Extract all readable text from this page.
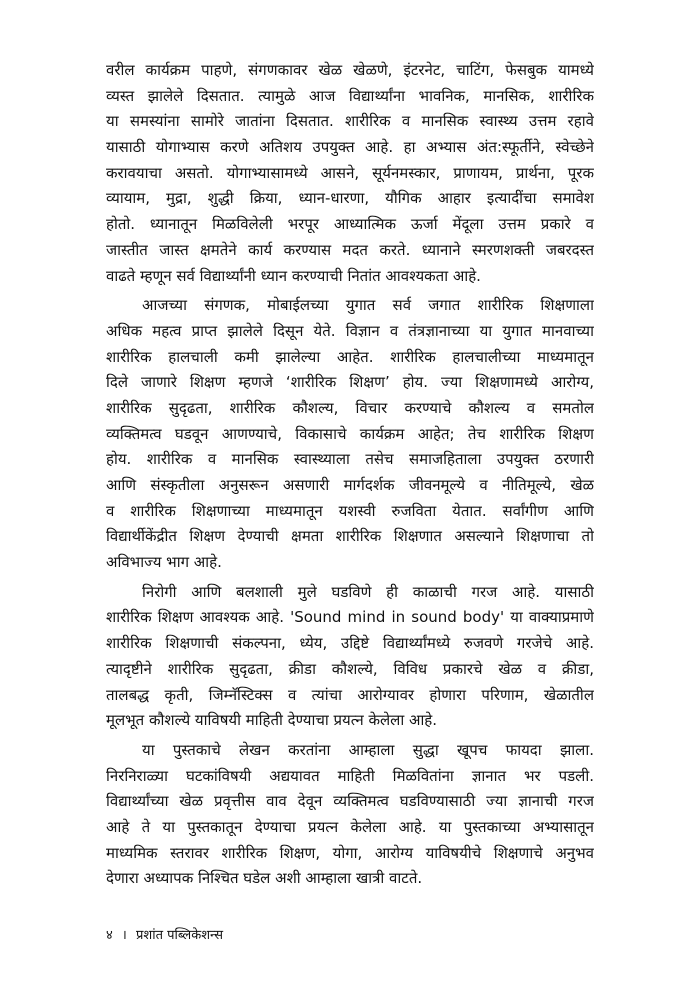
वरील कार्यक्रम पाहणे, संगणकावर खेळ खेळणे, इंटरनेट, चाटिंग, फेसबुक यामध्ये
व्यस्त झालेले दिसतात. त्यामुळे आज विद्यार्थ्यांना भावनिक, मानसिक, शारीरिक
या समस्यांना सामोरे जातांना दिसतात. शारीरिक व मानसिक स्वास्थ्य उत्तम रहावे
यासाठी योगाभ्यास करणे अतिशय उपयुक्त आहे. हा अभ्यास अंत:स्फूर्तीने, स्वेच्छेने
करावयाचा असतो. योगाभ्यासामध्ये आसने, सूर्यनमस्कार, प्राणायम, प्रार्थना, पूरक
व्यायाम, मुद्रा, शुद्धी क्रिया, ध्यान-धारणा, यौगिक आहार इत्यादींचा समावेश
होतो. ध्यानातून मिळविलेली भरपूर आध्यात्मिक ऊर्जा मेंदूला उत्तम प्रकारे व
जास्तीत जास्त क्षमतेने कार्य करण्यास मदत करते. ध्यानाने स्मरणशक्ती जबरदस्त
वाढते म्हणून सर्व विद्यार्थ्यांनी ध्यान करण्याची नितांत आवश्यकता आहे.
आजच्या संगणक, मोबाईलच्या युगात सर्व जगात शारीरिक शिक्षणाला
अधिक महत्व प्राप्त झालेले दिसून येते. विज्ञान व तंत्रज्ञानाच्या या युगात मानवाच्या
शारीरिक हालचाली कमी झालेल्या आहेत. शारीरिक हालचालीच्या माध्यमातून
दिले जाणारे शिक्षण म्हणजे ‘शारीरिक शिक्षण’ होय. ज्या शिक्षणामध्ये आरोग्य,
शारीरिक सुदृढता, शारीरिक कौशल्य, विचार करण्याचे कौशल्य व समतोल
व्यक्तिमत्व घडवून आणण्याचे, विकासाचे कार्यक्रम आहेत; तेच शारीरिक शिक्षण
होय. शारीरिक व मानसिक स्वास्थ्याला तसेच समाजहिताला उपयुक्त ठरणारी
आणि संस्कृतीला अनुसरून असणारी मार्गदर्शक जीवनमूल्ये व नीतिमूल्ये, खेळ
व शारीरिक शिक्षणाच्या माध्यमातून यशस्वी रुजविता येतात. सर्वांगीण आणि
विद्यार्थीकेंद्रीत शिक्षण देण्याची क्षमता शारीरिक शिक्षणात असल्याने शिक्षणाचा तो
अविभाज्य भाग आहे.
निरोगी आणि बलशाली मुले घडविणे ही काळाची गरज आहे. यासाठी
शारीरिक शिक्षण आवश्यक आहे. 'Sound mind in sound body' या वाक्याप्रमाणे
शारीरिक शिक्षणाची संकल्पना, ध्येय, उद्दिष्टे विद्यार्थ्यांमध्ये रुजवणे गरजेचे आहे.
त्यादृष्टीने शारीरिक सुदृढता, क्रीडा कौशल्ये, विविध प्रकारचे खेळ व क्रीडा,
तालबद्ध कृती, जिम्नॅस्टिक्स व त्यांचा आरोग्यावर होणारा परिणाम, खेळातील
मूलभूत कौशल्ये याविषयी माहिती देण्याचा प्रयत्न केलेला आहे.
या पुस्तकाचे लेखन करतांना आम्हाला सुद्धा खूपच फायदा झाला.
निरनिराळ्या घटकांविषयी अद्ययावत माहिती मिळवितांना ज्ञानात भर पडली.
विद्यार्थ्यांच्या खेळ प्रवृत्तीस वाव देवून व्यक्तिमत्व घडविण्यासाठी ज्या ज्ञानाची गरज
आहे ते या पुस्तकातून देण्याचा प्रयत्न केलेला आहे. या पुस्तकाच्या अभ्यासातून
माध्यमिक स्तरावर शारीरिक शिक्षण, योगा, आरोग्य याविषयीचे शिक्षणाचे अनुभव
देणारा अध्यापक निश्चित घडेल अशी आम्हाला खात्री वाटते.
४ । प्रशांत पब्लिकेशन्स
